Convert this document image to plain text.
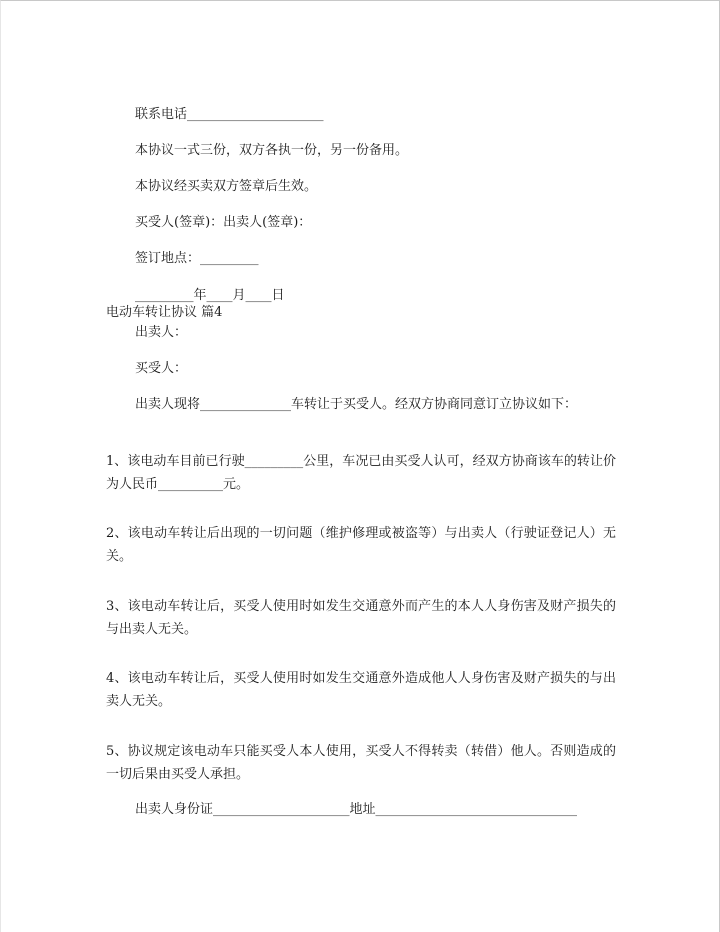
联系电话_____________________

本协议一式三份，双方各执一份，另一份备用。

本协议经买卖双方签章后生效。

买受人(签章)：出卖人(签章)：

签订地点：_________

_________年____月____日

电动车转让协议 篇4

出卖人：

买受人：

出卖人现将______________车转让于买受人。经双方协商同意订立协议如下：

1、该电动车目前已行驶_________公里，车况已由买受人认可，经双方协商该车的转让价为人民币__________元。

2、该电动车转让后出现的一切问题（维护修理或被盗等）与出卖人（行驶证登记人）无关。

3、该电动车转让后，买受人使用时如发生交通意外而产生的本人人身伤害及财产损失的与出卖人无关。

4、该电动车转让后，买受人使用时如发生交通意外造成他人人身伤害及财产损失的与出卖人无关。

5、协议规定该电动车只能买受人本人使用，买受人不得转卖（转借）他人。否则造成的一切后果由买受人承担。

出卖人身份证_____________________地址_______________________________
